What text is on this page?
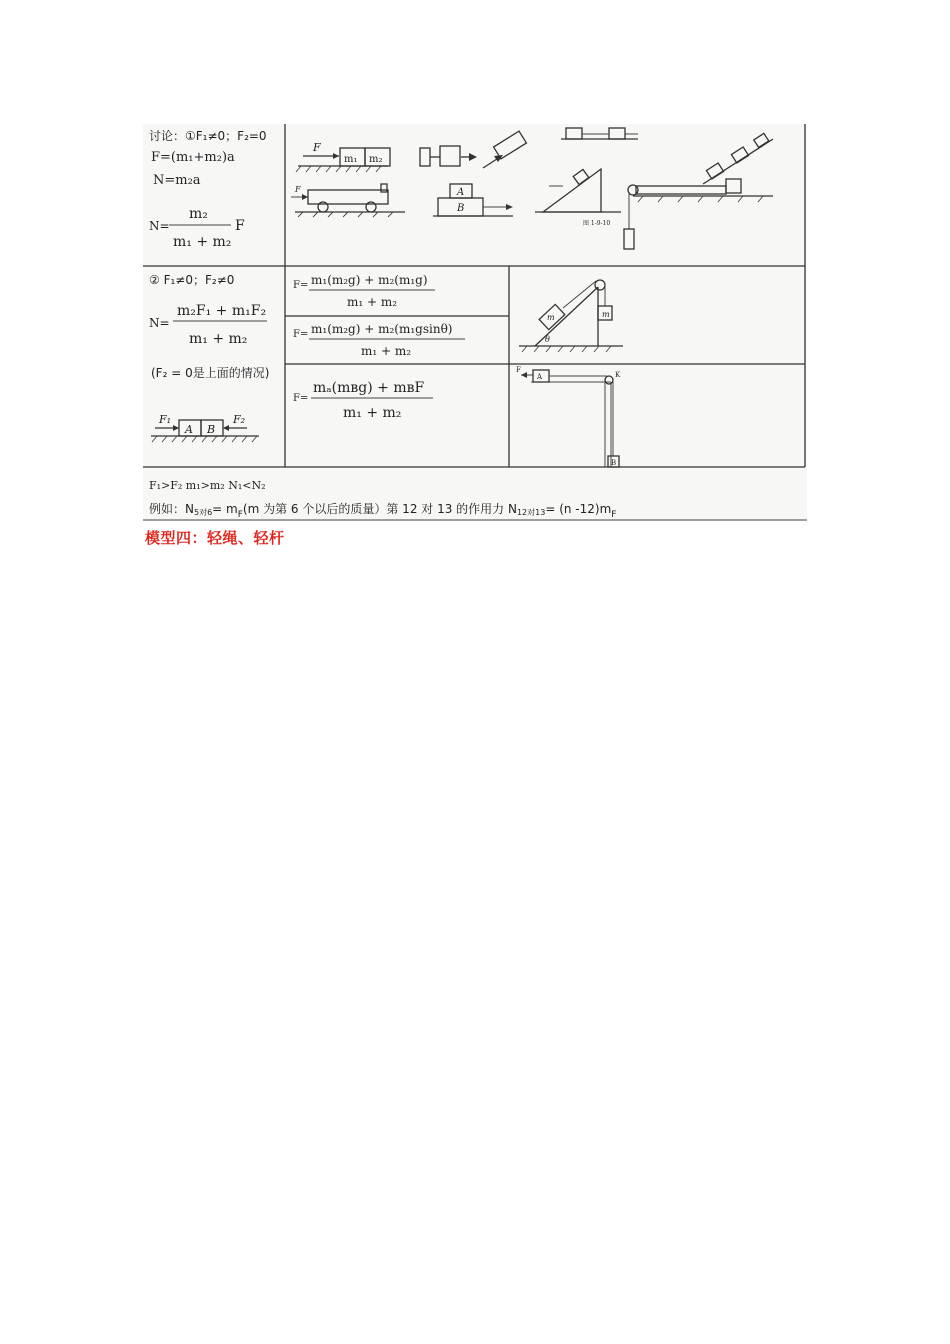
讨论：①F₁≠0；F₂=0
F=(m₁+m₂)a
N=m₂a
N=
m₂
m₁ + m₂
F
F
m₁ m₂
F	A
B
图 1-9-10
② F₁≠0；F₂≠0
N=
m₂F₁ + m₁F₂
m₁ + m₂
(F₂ = 0是上面的情况)
F₁	F₂
A B
F= m₁(m₂g) + m₂(m₁g)
m₁ + m₂
F= m₁(m₂g) + m₂(m₁gsinθ)
m₁ + m₂
F=
mₐ(mʙg) + mʙF
m₁ + m₂
m	m
θ
F
A	K
B
F₁>F₂ m₁>m₂ N₁<N₂
例如：N5对$6= m_F(m$ 为第 6 个以后的质量）第 12 对 13 的作用力 N12对13= (n $-12)m_F$
模型四：轻绳、轻杆
